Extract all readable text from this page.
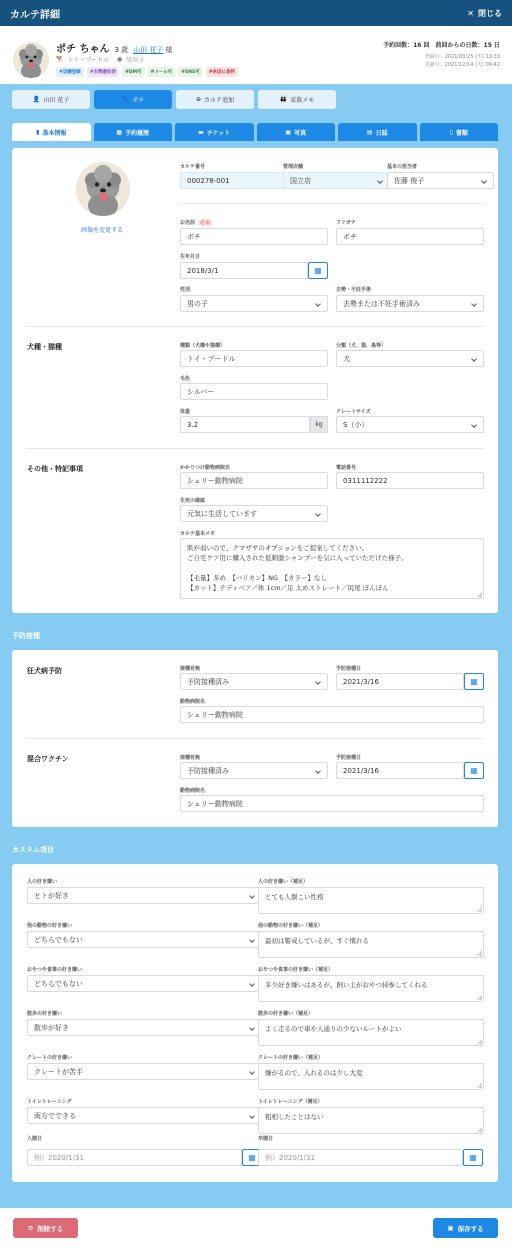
カルテ詳細	✕ 閉じる
ポチ ちゃん 3 歳 山田 花子 様
🐕 トイ・プードル ● 男の子
#店舗登録	#去勢避妊済	#DM可	#メール可	#SNS可	#来店に条件
予約回数：16 回　前回からの日数：15 日
登録日：2021/03/25 (木) 13:33
更新日：2021/12/14 (火) 09:42
👤 山田 花子	🐾 ポチ	⊕ カルテ追加	👪 家族メモ
▮ 基本情報	▦ 予約履歴	▬ チケット	▣ 写真	▤ 日誌	▯ 書類
画像を変更する
カルテ番号
000278-001
管理店舗
国立店
基本の担当者
佐藤 俊子
お名前 必須
ポチ
フリガナ
ポチ
生年月日
2018/3/1	▦
性別
男の子
去勢・不妊手術
去勢または不妊手術済み
犬種・猫種	種類（犬種や猫種）
トイ・プードル
分類（犬、猫、鳥等）
犬
毛色
シルバー
体重
3.2	kg
クレートサイズ
S（小）
その他・特記事項	かかりつけ動物病院名
シェリー動物病院
電話番号
0311112222
生死の確認
元気に生活しています
カルテ基本メモ
肌が弱いので、クマザサのオプションをご提案してください。
ご自宅ケア用に購入された低刺激シャンプーを気に入っていただけた様子。
【毛量】多め　【バリカン】NG　【カラー】なし
【カット】テディベア／体 1cm／足 太めストレート／尻尾 ぼんぼん
予防接種
狂犬病予防	接種有無
予防接種済み
予防接種日
2021/3/16	▦
動物病院名
シェリー動物病院
混合ワクチン	接種有無
予防接種済み
予防接種日
2021/3/16	▦
動物病院名
シェリー動物病院
カスタム項目
入園日
例）2020/1/31	▦
卒園日
例）2020/1/31	▦
人の好き嫌い
ヒトが好き
人の好き嫌い（補足）
とても人懐こい性格
他の動物の好き嫌い
どちらでもない
他の動物の好き嫌い（補足）
最初は警戒しているが、すぐ慣れる
おやつや食事の好き嫌い
どちらでもない
おやつや食事の好き嫌い（補足）
多少好き嫌いはあるが、飼い主がおやつ持参してくれる
散歩の好き嫌い
散歩が好き
散歩の好き嫌い（補足）
よく走るので車や人通りの少ないルートがよい
クレートの好き嫌い
クレートが苦手
クレートの好き嫌い（補足）
嫌がるので、入れるのは少し大変
トイレトレーニング
両方でできる
トイレトレーニング（補足）
粗相したことはない
⊖ 削除する	▣ 保存する
